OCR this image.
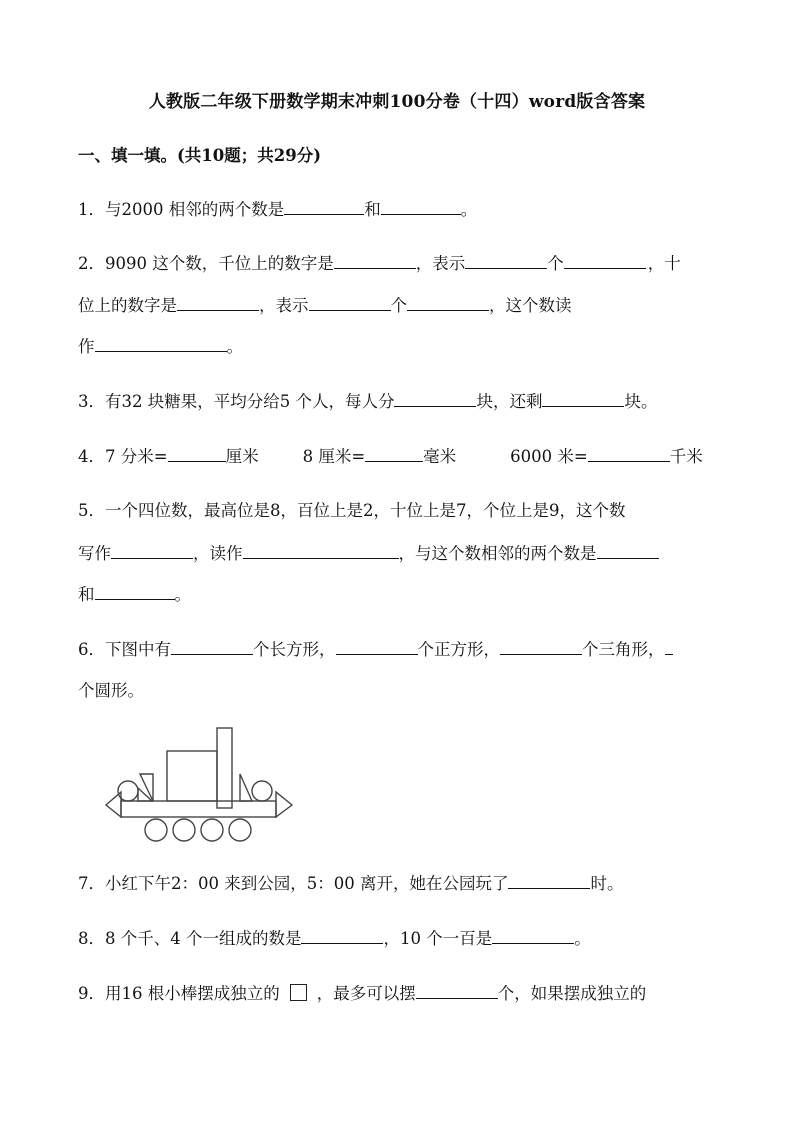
人教版二年级下册数学期末冲刺100分卷（十四）word版含答案
一、填一填。(共10题；共29分)
1．与2000 相邻的两个数是	和	。
2．9090 这个数，千位上的数字是	，表示	个	，十
位上的数字是	，表示	个	，这个数读
作	。
3．有32 块糖果，平均分给5 个人，每人分	块，还剩	块。
4．7 分米=	厘米	8 厘米=	毫米	6000 米=	千米
5．一个四位数，最高位是8，百位上是2，十位上是7，个位上是9，这个数
写作	，读作	，与这个数相邻的两个数是
和	。
6．下图中有	个长方形，	个正方形，	个三角形，
个圆形。
7．小红下午2：00 来到公园，5：00 离开，她在公园玩了	时。
8．8 个千、4 个一组成的数是	，10 个一百是	。
9．用16 根小棒摆成独立的 ，最多可以摆	个，如果摆成独立的
